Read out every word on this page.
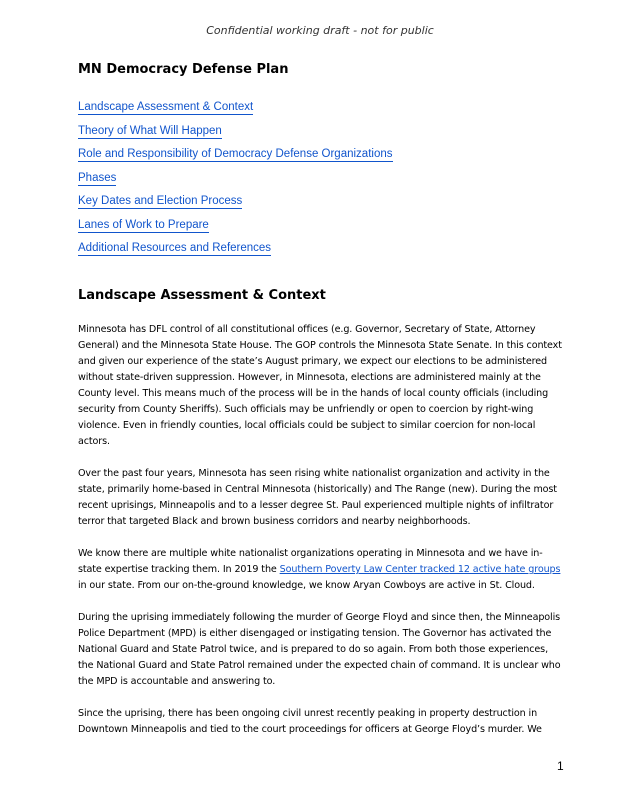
Confidential working draft - not for public
MN Democracy Defense Plan
Landscape Assessment & Context
Theory of What Will Happen
Role and Responsibility of Democracy Defense Organizations
Phases
Key Dates and Election Process
Lanes of Work to Prepare
Additional Resources and References
Landscape Assessment & Context

Minnesota has DFL control of all constitutional offices (e.g. Governor, Secretary of State, Attorney General) and the Minnesota State House. The GOP controls the Minnesota State Senate. In this context and given our experience of the state’s August primary, we expect our elections to be administered without state-driven suppression. However, in Minnesota, elections are administered mainly at the County level. This means much of the process will be in the hands of local county officials (including security from County Sheriffs). Such officials may be unfriendly or open to coercion by right-wing violence. Even in friendly counties, local officials could be subject to similar coercion for non-local actors.

Over the past four years, Minnesota has seen rising white nationalist organization and activity in the state, primarily home-based in Central Minnesota (historically) and The Range (new). During the most recent uprisings, Minneapolis and to a lesser degree St. Paul experienced multiple nights of infiltrator terror that targeted Black and brown business corridors and nearby neighborhoods.

We know there are multiple white nationalist organizations operating in Minnesota and we have in-state expertise tracking them. In 2019 the Southern Poverty Law Center tracked 12 active hate groups in our state. From our on-the-ground knowledge, we know Aryan Cowboys are active in St. Cloud.

During the uprising immediately following the murder of George Floyd and since then, the Minneapolis Police Department (MPD) is either disengaged or instigating tension. The Governor has activated the National Guard and State Patrol twice, and is prepared to do so again. From both those experiences, the National Guard and State Patrol remained under the expected chain of command. It is unclear who the MPD is accountable and answering to.

Since the uprising, there has been ongoing civil unrest recently peaking in property destruction in Downtown Minneapolis and tied to the court proceedings for officers at George Floyd’s murder. We

1
